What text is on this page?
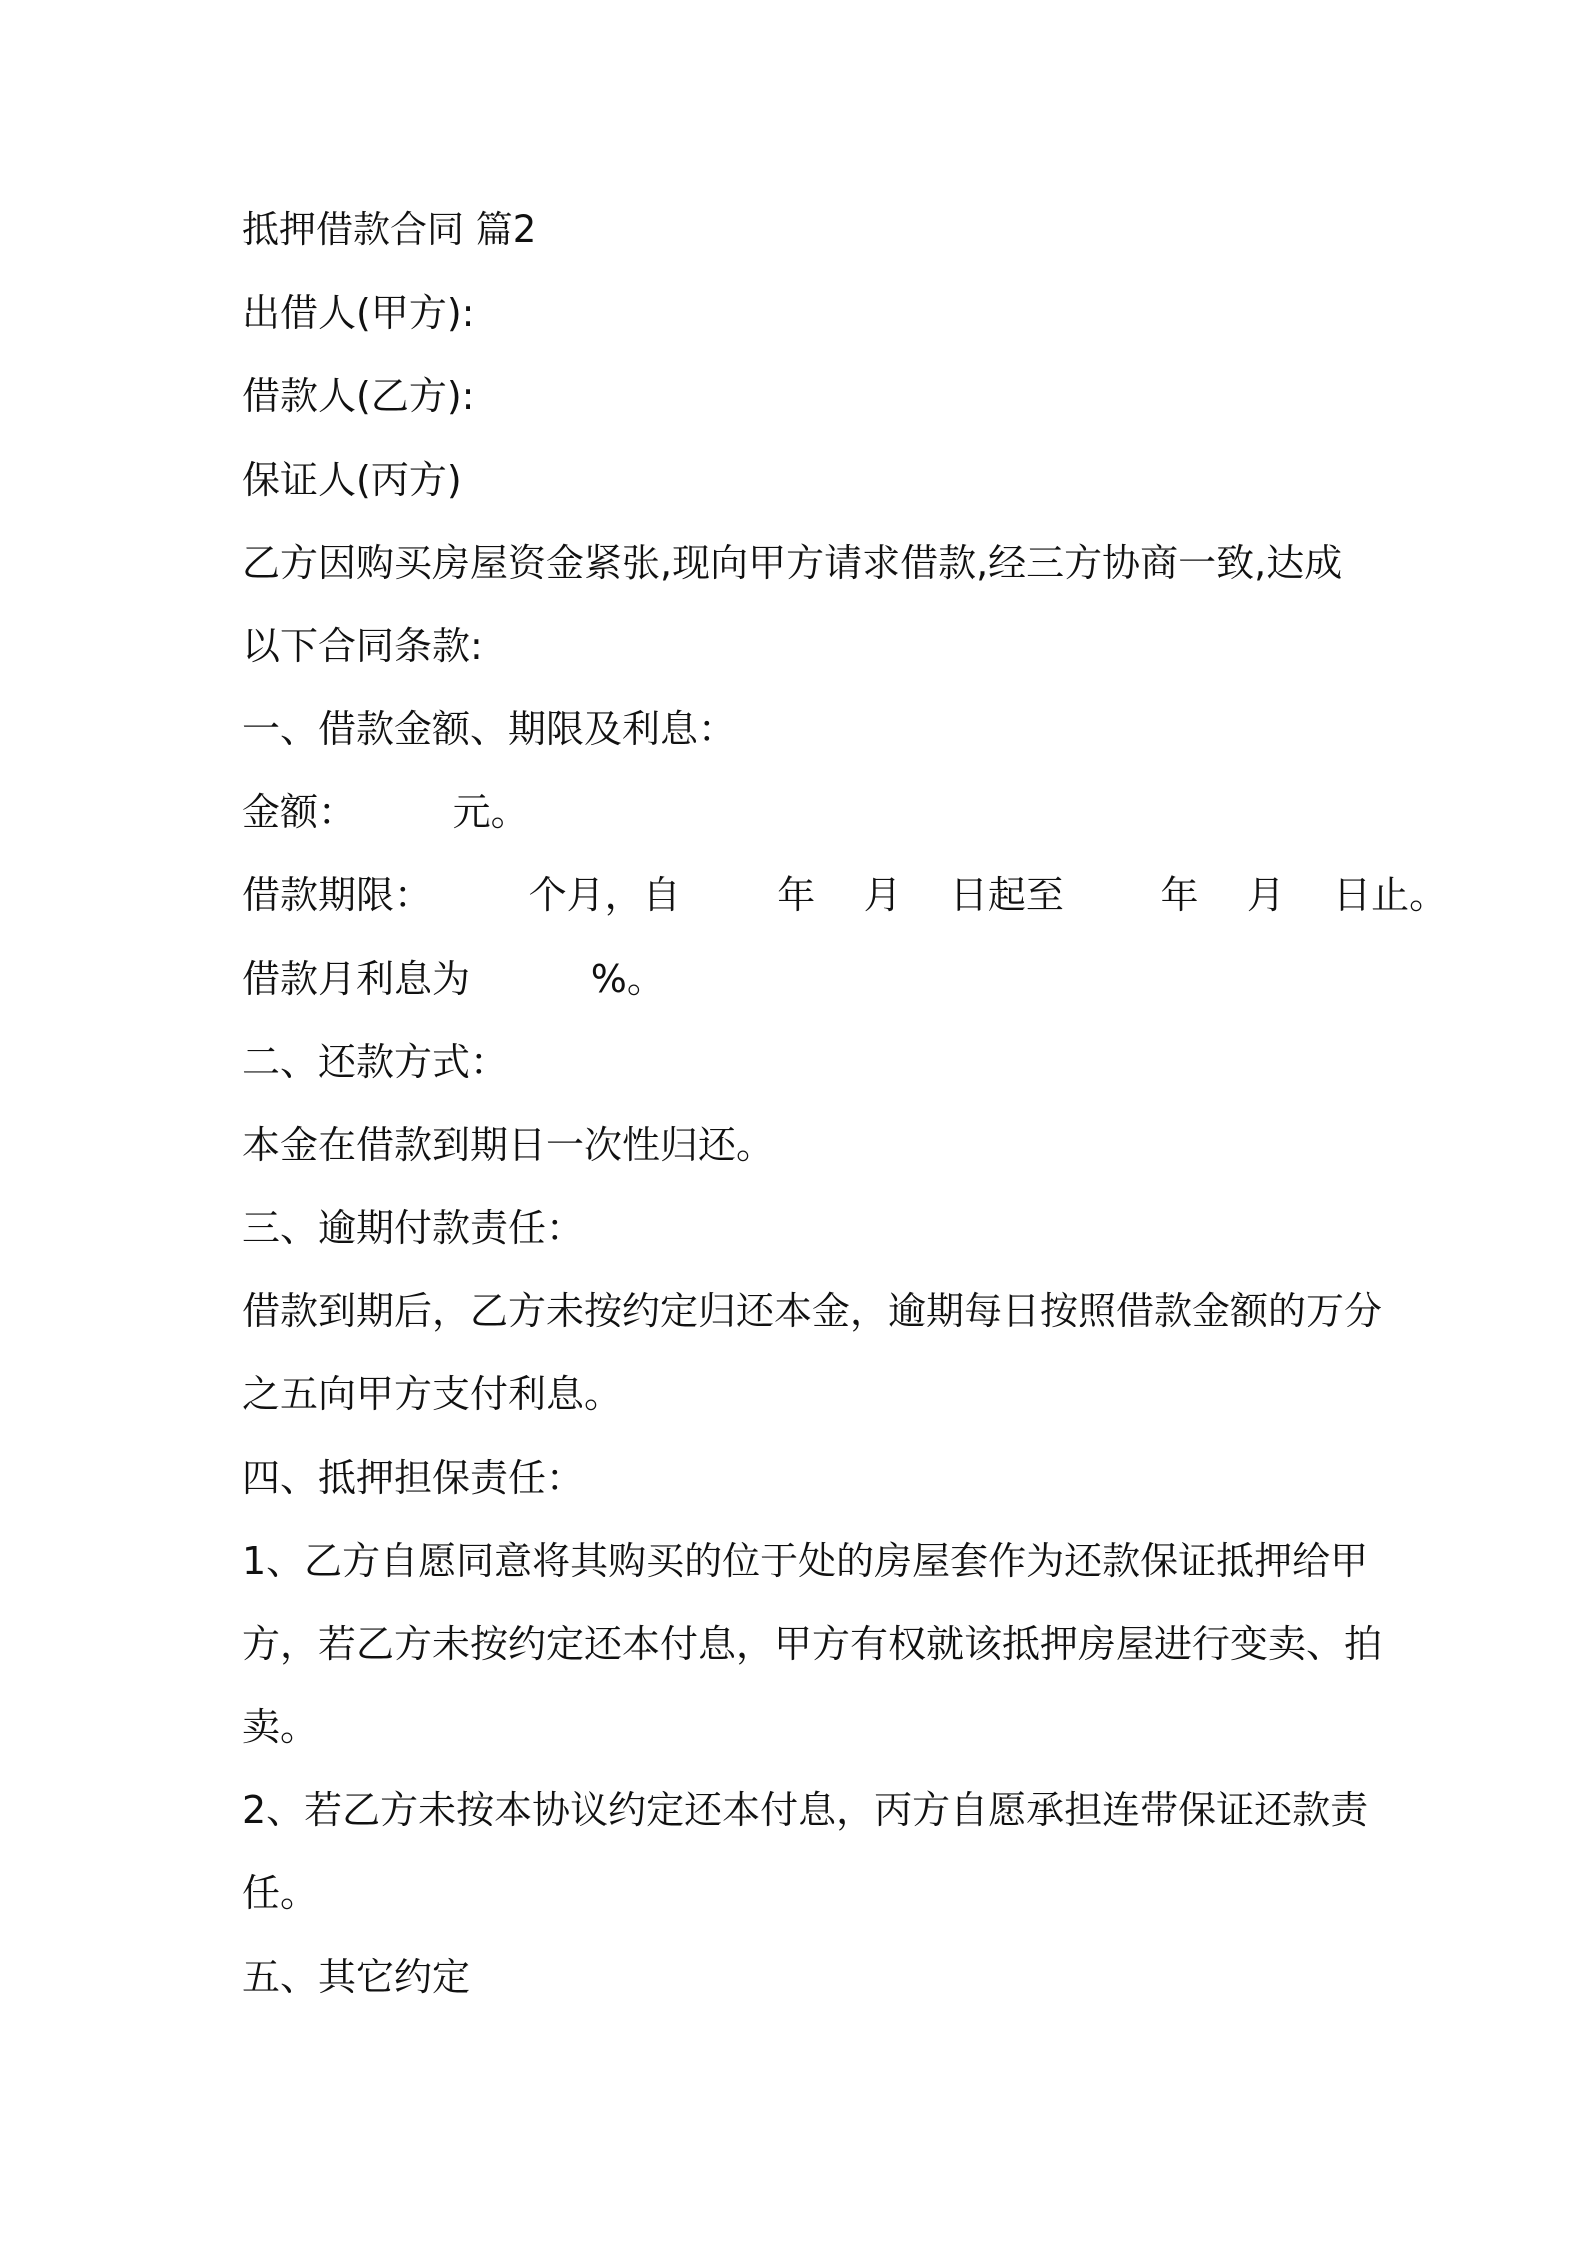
抵押借款合同 篇2

出借人(甲方):

借款人(乙方):

保证人(丙方)

乙方因购买房屋资金紧张,现向甲方请求借款,经三方协商一致,达成

以下合同条款:

一、借款金额、期限及利息：

金额：        元。

借款期限：        个月，自        年    月    日起至        年    月    日止。

借款月利息为          %。

二、还款方式：

本金在借款到期日一次性归还。

三、逾期付款责任：

借款到期后，乙方未按约定归还本金，逾期每日按照借款金额的万分

之五向甲方支付利息。

四、抵押担保责任：

1、乙方自愿同意将其购买的位于处的房屋套作为还款保证抵押给甲

方，若乙方未按约定还本付息，甲方有权就该抵押房屋进行变卖、拍

卖。

2、若乙方未按本协议约定还本付息，丙方自愿承担连带保证还款责

任。

五、其它约定
